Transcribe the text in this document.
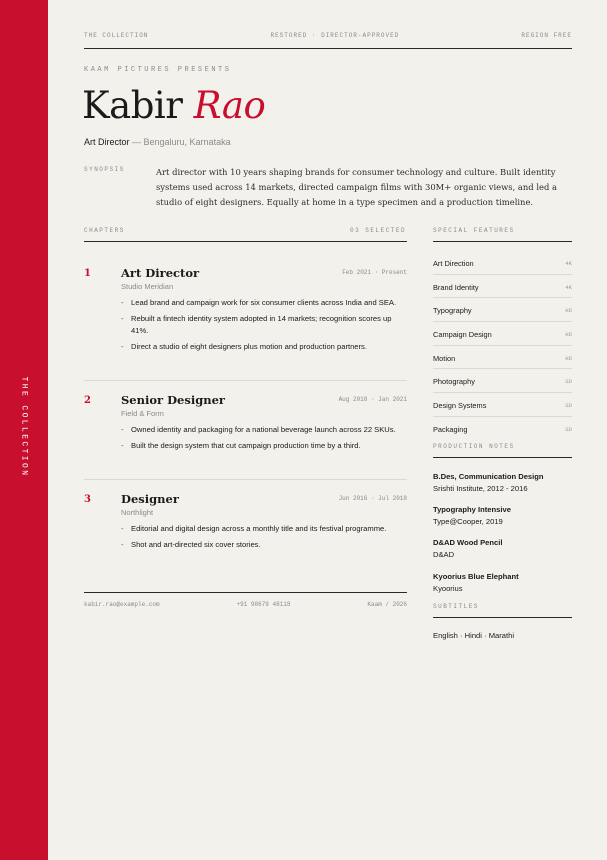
THE COLLECTION
THE COLLECTION	RESTORED · DIRECTOR-APPROVED	REGION FREE
KAAM PICTURES PRESENTS
Kabir Rao
Art Director — Bengaluru, Karnataka
SYNOPSIS	Art director with 10 years shaping brands for consumer technology and culture. Built identity systems used across 14 markets, directed campaign films with 30M+ organic views, and led a studio of eight designers. Equally at home in a type specimen and a production timeline.
CHAPTERS	03 SELECTED
1	Art Director	Feb 2021 · Present
Studio Meridian
- Lead brand and campaign work for six consumer clients across India and SEA.
- Rebuilt a fintech identity system adopted in 14 markets; recognition scores up 41%.
- Direct a studio of eight designers plus motion and production partners.
2	Senior Designer	Aug 2018 · Jan 2021
Field & Form
- Owned identity and packaging for a national beverage launch across 22 SKUs.
- Built the design system that cut campaign production time by a third.
3	Designer	Jun 2016 · Jul 2018
Northlight
- Editorial and digital design across a monthly title and its festival programme.
- Shot and art-directed six cover stories.
kabir.rao@example.com	+91 98679 48118	Kaam / 2026
SPECIAL FEATURES
Art Direction	4K
Brand Identity	4K
Typography	HD
Campaign Design	HD
Motion	HD
Photography	SD
Design Systems	SD
Packaging	SD
PRODUCTION NOTES
B.Des, Communication Design
Srishti Institute, 2012 - 2016
Typography Intensive
Type@Cooper, 2019
D&AD Wood Pencil
D&AD
Kyoorius Blue Elephant
Kyoorius
SUBTITLES
English · Hindi · Marathi
